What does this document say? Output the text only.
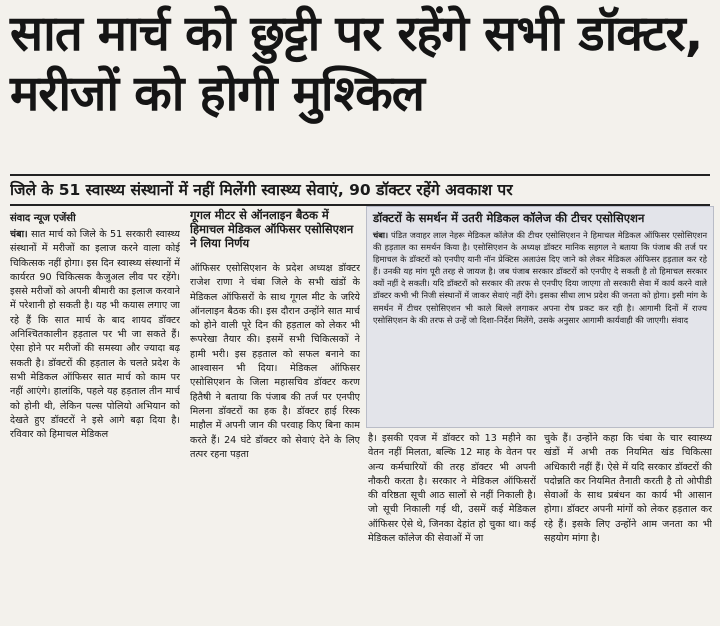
सात मार्च को छुट्टी पर रहेंगे सभी डॉक्टर, मरीजों को होगी मुश्किल
जिले के 51 स्वास्थ्य संस्थानों में नहीं मिलेंगी स्वास्थ्य सेवाएं, 90 डॉक्टर रहेंगे अवकाश पर
संवाद न्यूज एजेंसी

चंबा। सात मार्च को जिले के 51 सरकारी स्वास्थ्य संस्थानों में मरीजों का इलाज करने वाला कोई चिकित्सक नहीं होगा। इस दिन स्वास्थ्य संस्थानों में कार्यरत 90 चिकित्सक कैजुअल लीव पर रहेंगे। इससे मरीजों को अपनी बीमारी का इलाज करवाने में परेशानी हो सकती है। यह भी कयास लगाए जा रहे हैं कि सात मार्च के बाद शायद डॉक्टर अनिश्चितकालीन हड़ताल पर भी जा सकते हैं। ऐसा होने पर मरीजों की समस्या और ज्यादा बढ़ सकती है। डॉक्टरों की हड़ताल के चलते प्रदेश के सभी मेडिकल ऑफिसर सात मार्च को काम पर नहीं आएंगे। हालांकि, पहले यह हड़ताल तीन मार्च को होनी थी, लेकिन पल्स पोलियो अभियान को देखते हुए डॉक्टरों ने इसे आगे बढ़ा दिया है। रविवार को हिमाचल मेडिकल

गूगल मीटर से ऑनलाइन बैठक में हिमाचल मेडिकल ऑफिसर एसोसिएशन ने लिया निर्णय

ऑफिसर एसोसिएशन के प्रदेश अध्यक्ष डॉक्टर राजेश राणा ने चंबा जिले के सभी खंडों के मेडिकल ऑफिसरों के साथ गूगल मीट के जरिये ऑनलाइन बैठक की। इस दौरान उन्होंने सात मार्च को होने वाली पूरे दिन की हड़ताल को लेकर भी रूपरेखा तैयार की। इसमें सभी चिकित्सकों ने हामी भरी। इस हड़ताल को सफल बनाने का आश्वासन भी दिया। मेडिकल ऑफिसर एसोसिएशन के जिला महासचिव डॉक्टर करण हितैषी ने बताया कि पंजाब की तर्ज पर एनपीए मिलना डॉक्टरों का हक है। डॉक्टर हाई रिस्क माहौल में अपनी जान की परवाह किए बिना काम करते हैं। 24 घंटे डॉक्टर को सेवाएं देने के लिए तत्पर रहना पड़ता

डॉक्टरों के समर्थन में उतरी मेडिकल कॉलेज की टीचर एसोसिएशन

चंबा। पंडित जवाहर लाल नेहरू मेडिकल कॉलेज की टीचर एसोसिएशन ने हिमाचल मेडिकल ऑफिसर एसोसिएशन की हड़ताल का समर्थन किया है। एसोसिएशन के अध्यक्ष डॉक्टर मानिक सहगल ने बताया कि पंजाब की तर्ज पर हिमाचल के डॉक्टरों को एनपीए यानी नॉन प्रेक्टिस अलाउंस दिए जाने को लेकर मेडिकल ऑफिसर हड़ताल कर रहे हैं। उनकी यह मांग पूरी तरह से जायज है। जब पंजाब सरकार डॉक्टरों को एनपीए दे सकती है तो हिमाचल सरकार क्यों नहीं दे सकती। यदि डॉक्टरों को सरकार की तरफ से एनपीए दिया जाएगा तो सरकारी सेवा में कार्य करने वाले डॉक्टर कभी भी निजी संस्थानों में जाकर सेवाएं नहीं देंगे। इसका सीधा लाभ प्रदेश की जनता को होगा। इसी मांग के समर्थन में टीचर एसोसिएशन भी काले बिल्ले लगाकर अपना रोष प्रकट कर रही है। आगामी दिनों में राज्य एसोसिएशन के की तरफ से उन्हें जो दिशा-निर्देश मिलेंगे, उसके अनुसार आगामी कार्यवाही की जाएगी। संवाद

है। इसकी एवज में डॉक्टर को 13 महीने का वेतन नहीं मिलता, बल्कि 12 माह के वेतन पर अन्य कर्मचारियों की तरह डॉक्टर भी अपनी नौकरी करता है। सरकार ने मेडिकल ऑफिसरों की वरिष्ठता सूची आठ सालों से नहीं निकाली है। जो सूची निकाली गई थी, उसमें कई मेडिकल ऑफिसर ऐसे थे, जिनका देहांत हो चुका था। कई मेडिकल कॉलेज की सेवाओं में जा

चुके हैं। उन्होंने कहा कि चंबा के चार स्वास्थ्य खंडों में अभी तक नियमित खंड चिकित्सा अधिकारी नहीं हैं। ऐसे में यदि सरकार डॉक्टरों की पदोन्नति कर नियमित तैनाती करती है तो ओपीडी सेवाओं के साथ प्रबंधन का कार्य भी आसान होगा। डॉक्टर अपनी मांगों को लेकर हड़ताल कर रहे हैं। इसके लिए उन्होंने आम जनता का भी सहयोग मांगा है।
